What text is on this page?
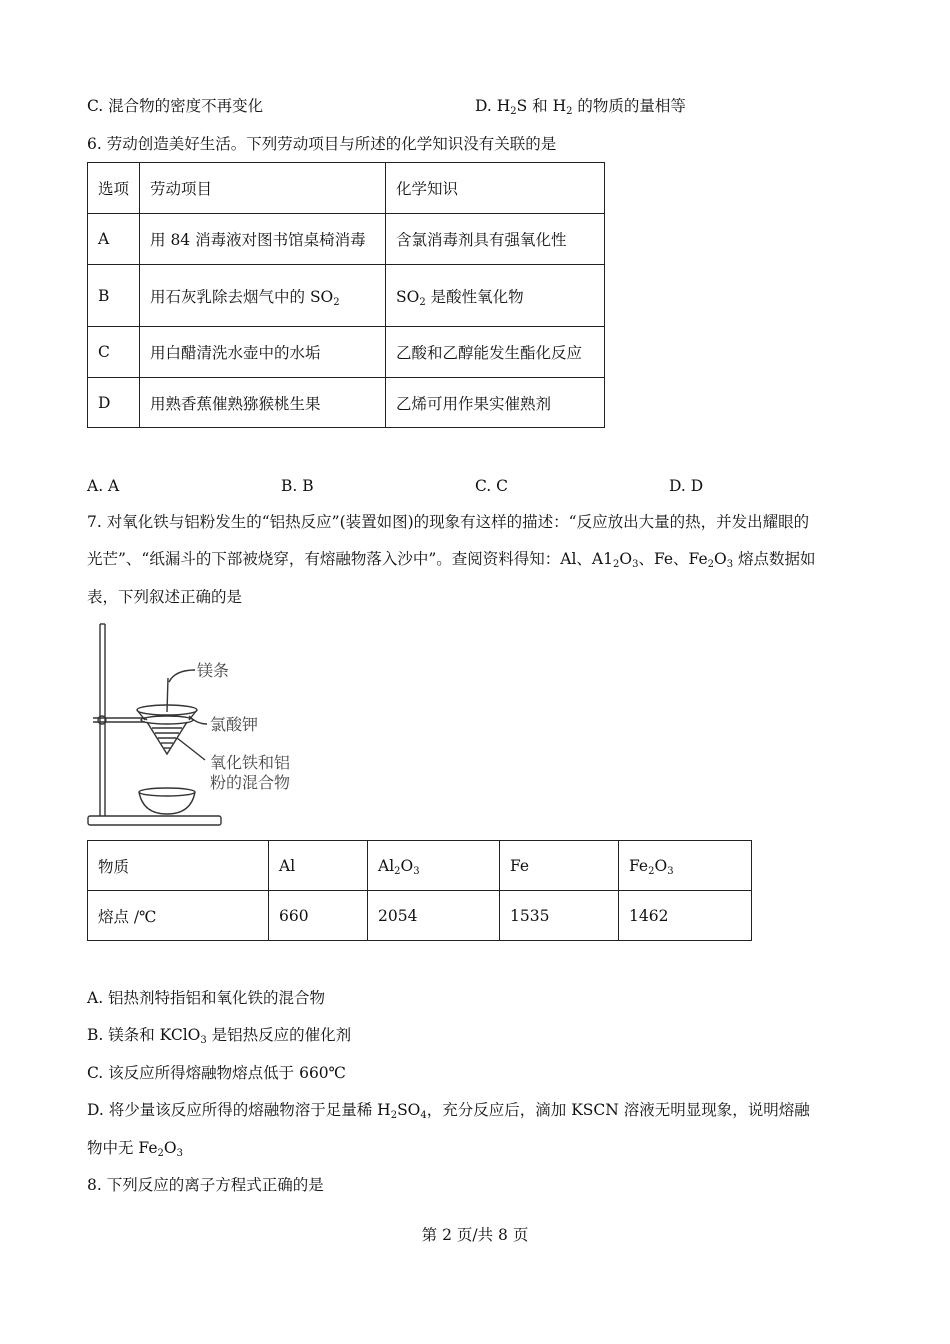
C. 混合物的密度不再变化	D. $H_2S$ 和 $H_2$ 的物质的量相等
6. 劳动创造美好生活。下列劳动项目与所述的化学知识没有关联的是
选项	劳动项目	化学知识
A	用 84 消毒液对图书馆桌椅消毒	含氯消毒剂具有强氧化性
B	用石灰乳除去烟气中的 $SO_2$	$SO_2$ 是酸性氧化物
C	用白醋清洗水壶中的水垢	乙酸和乙醇能发生酯化反应
D	用熟香蕉催熟猕猴桃生果	乙烯可用作果实催熟剂
A. A	B. B	C. C	D. D
7. 对氧化铁与铝粉发生的“铝热反应”(装置如图)的现象有这样的描述：“反应放出大量的热，并发出耀眼的
光芒”、“纸漏斗的下部被烧穿，有熔融物落入沙中”。查阅资料得知：Al、$A1_2O_3$、Fe、$Fe_2O_3$ 熔点数据如
表，下列叙述正确的是
镁条
氯酸钾
氧化铁和铝
粉的混合物
物质	Al	$Al_2O_3$	Fe	$Fe_2O_3$
熔点 /℃	660	2054	1535	1462
A. 铝热剂特指铝和氧化铁的混合物
B. 镁条和 KClO$_3$ 是铝热反应的催化剂
C. 该反应所得熔融物熔点低于 660℃
D. 将少量该反应所得的熔融物溶于足量稀 $H_2SO_4$，充分反应后，滴加 KSCN 溶液无明显现象，说明熔融
物中无 $Fe_2O_3$
8. 下列反应的离子方程式正确的是
第 2 页/共 8 页
